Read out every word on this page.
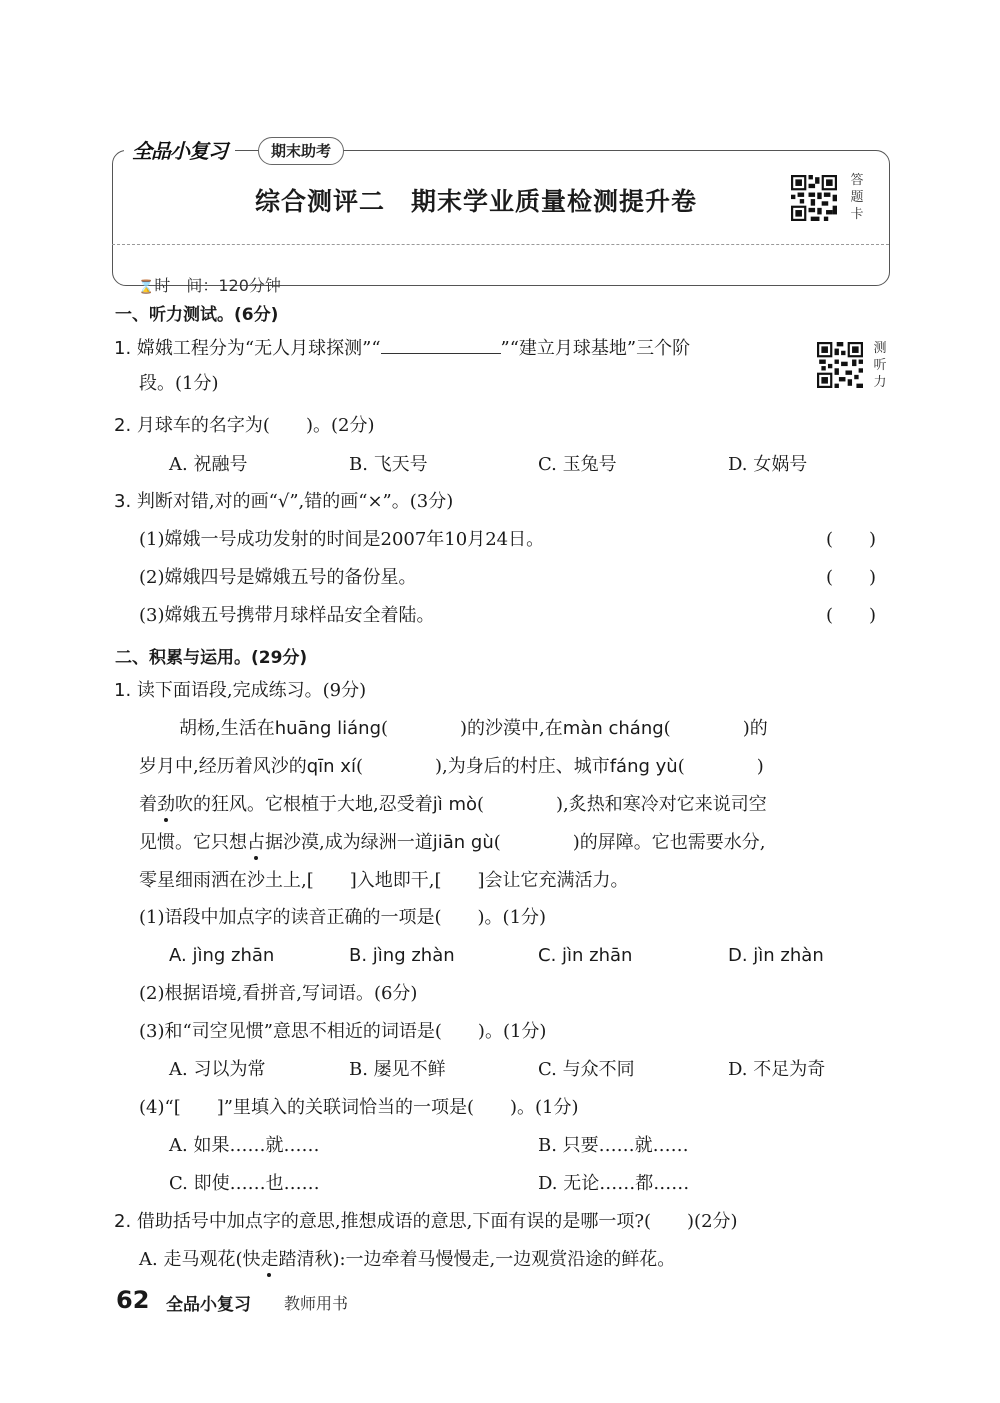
全品小复习	期末助考
综合测评二　期末学业质量检测提升卷
答题卡

⌛时　间：120分钟

一、听力测试。(6分)
1. 嫦娥工程分为“无人月球探测”“	”“建立月球基地”三个阶
段。(1分)
测听力
2. 月球车的名字为(　　)。(2分)
A. 祝融号	B. 飞天号	C. 玉兔号	D. 女娲号
3. 判断对错,对的画“√”,错的画“×”。(3分)
(1)嫦娥一号成功发射的时间是2007年10月24日。	(　　)
(2)嫦娥四号是嫦娥五号的备份星。	(　　)
(3)嫦娥五号携带月球样品安全着陆。	(　　)
二、积累与运用。(29分)
1. 读下面语段,完成练习。(9分)
胡杨,生活在huāng liáng(　　　　)的沙漠中,在màn cháng(　　　　)的
岁月中,经历着风沙的qīn xí(　　　　),为身后的村庄、城市fáng yù(　　　　)
着劲吹的狂风。它根植于大地,忍受着jì mò(　　　　),炙热和寒冷对它来说司空
见惯。它只想占据沙漠,成为绿洲一道jiān gù(　　　　)的屏障。它也需要水分,
零星细雨洒在沙土上,[　　]入地即干,[　　]会让它充满活力。
(1)语段中加点字的读音正确的一项是(　　)。(1分)
A. jìng zhān	B. jìng zhàn	C. jìn zhān	D. jìn zhàn
(2)根据语境,看拼音,写词语。(6分)
(3)和“司空见惯”意思不相近的词语是(　　)。(1分)
A. 习以为常	B. 屡见不鲜	C. 与众不同	D. 不足为奇
(4)“[　　]”里填入的关联词恰当的一项是(　　)。(1分)
A. 如果……就……	B. 只要……就……
C. 即使……也……	D. 无论……都……
2. 借助括号中加点字的意思,推想成语的意思,下面有误的是哪一项?(　　)(2分)
A. 走马观花(快走踏清秋):一边牵着马慢慢走,一边观赏沿途的鲜花。
62 全品小复习 教师用书
